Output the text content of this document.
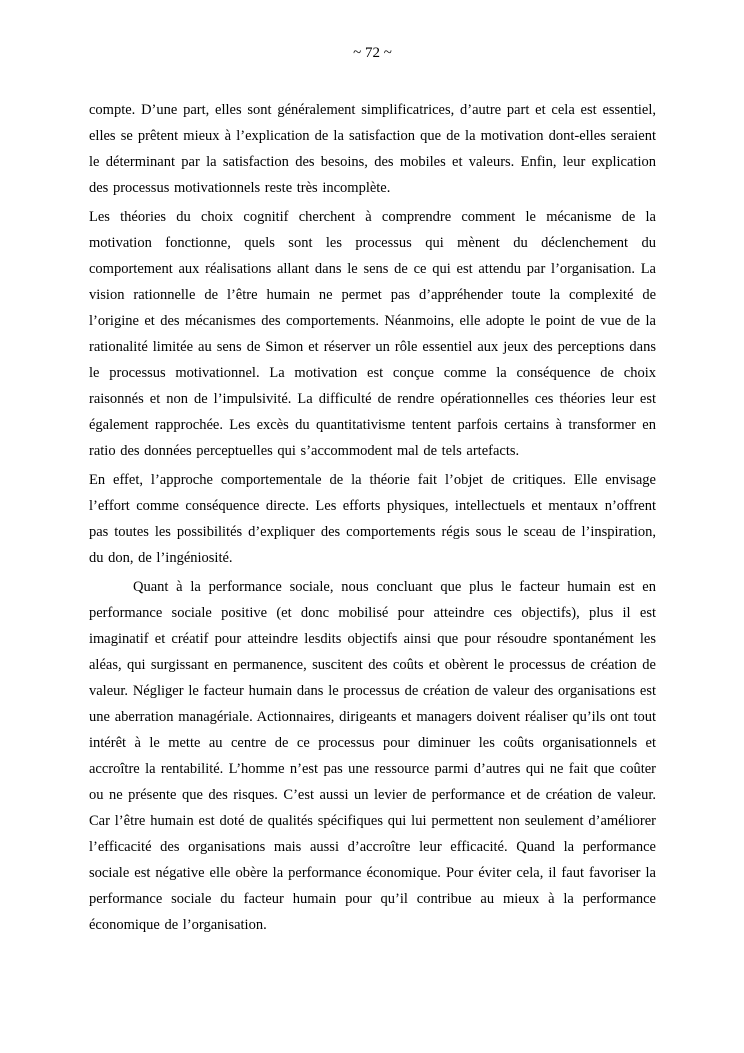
~ 72 ~

compte. D’une part, elles sont généralement simplificatrices, d’autre part et cela est essentiel, elles se prêtent mieux à l’explication de la satisfaction que de la motivation dont-elles seraient le déterminant par la satisfaction des besoins, des mobiles et valeurs. Enfin, leur explication des processus motivationnels reste très incomplète.

Les théories du choix cognitif cherchent à comprendre comment le mécanisme de la motivation fonctionne, quels sont les processus qui mènent du déclenchement du comportement aux réalisations allant dans le sens de ce qui est attendu par l’organisation. La vision rationnelle de l’être humain ne permet pas d’appréhender toute la complexité de l’origine et des mécanismes des comportements. Néanmoins, elle adopte le point de vue de la rationalité limitée au sens de Simon et réserver un rôle essentiel aux jeux des perceptions dans le processus motivationnel. La motivation est conçue comme la conséquence de choix raisonnés et non de l’impulsivité. La difficulté de rendre opérationnelles ces théories leur est également rapprochée. Les excès du quantitativisme tentent parfois certains à transformer en ratio des données perceptuelles qui s’accommodent mal de tels artefacts.

En effet, l’approche comportementale de la théorie fait l’objet de critiques. Elle envisage l’effort comme conséquence directe. Les efforts physiques, intellectuels et mentaux n’offrent pas toutes les possibilités d’expliquer des comportements régis sous le sceau de l’inspiration, du don, de l’ingéniosité.

Quant à la performance sociale, nous concluant que plus le facteur humain est en performance sociale positive (et donc mobilisé pour atteindre ces objectifs), plus il est imaginatif et créatif pour atteindre lesdits objectifs ainsi que pour résoudre spontanément les aléas, qui surgissant en permanence, suscitent des coûts et obèrent le processus de création de valeur. Négliger le facteur humain dans le processus de création de valeur des organisations est une aberration managériale. Actionnaires, dirigeants et managers doivent réaliser qu’ils ont tout intérêt à le mette au centre de ce processus pour diminuer les coûts organisationnels et accroître la rentabilité. L’homme n’est pas une ressource parmi d’autres qui ne fait que coûter ou ne présente que des risques. C’est aussi un levier de performance et de création de valeur. Car l’être humain est doté de qualités spécifiques qui lui permettent non seulement d’améliorer l’efficacité des organisations mais aussi d’accroître leur efficacité. Quand la performance sociale est négative elle obère la performance économique. Pour éviter cela, il faut favoriser la performance sociale du facteur humain pour qu’il contribue au mieux à la performance économique de l’organisation.
